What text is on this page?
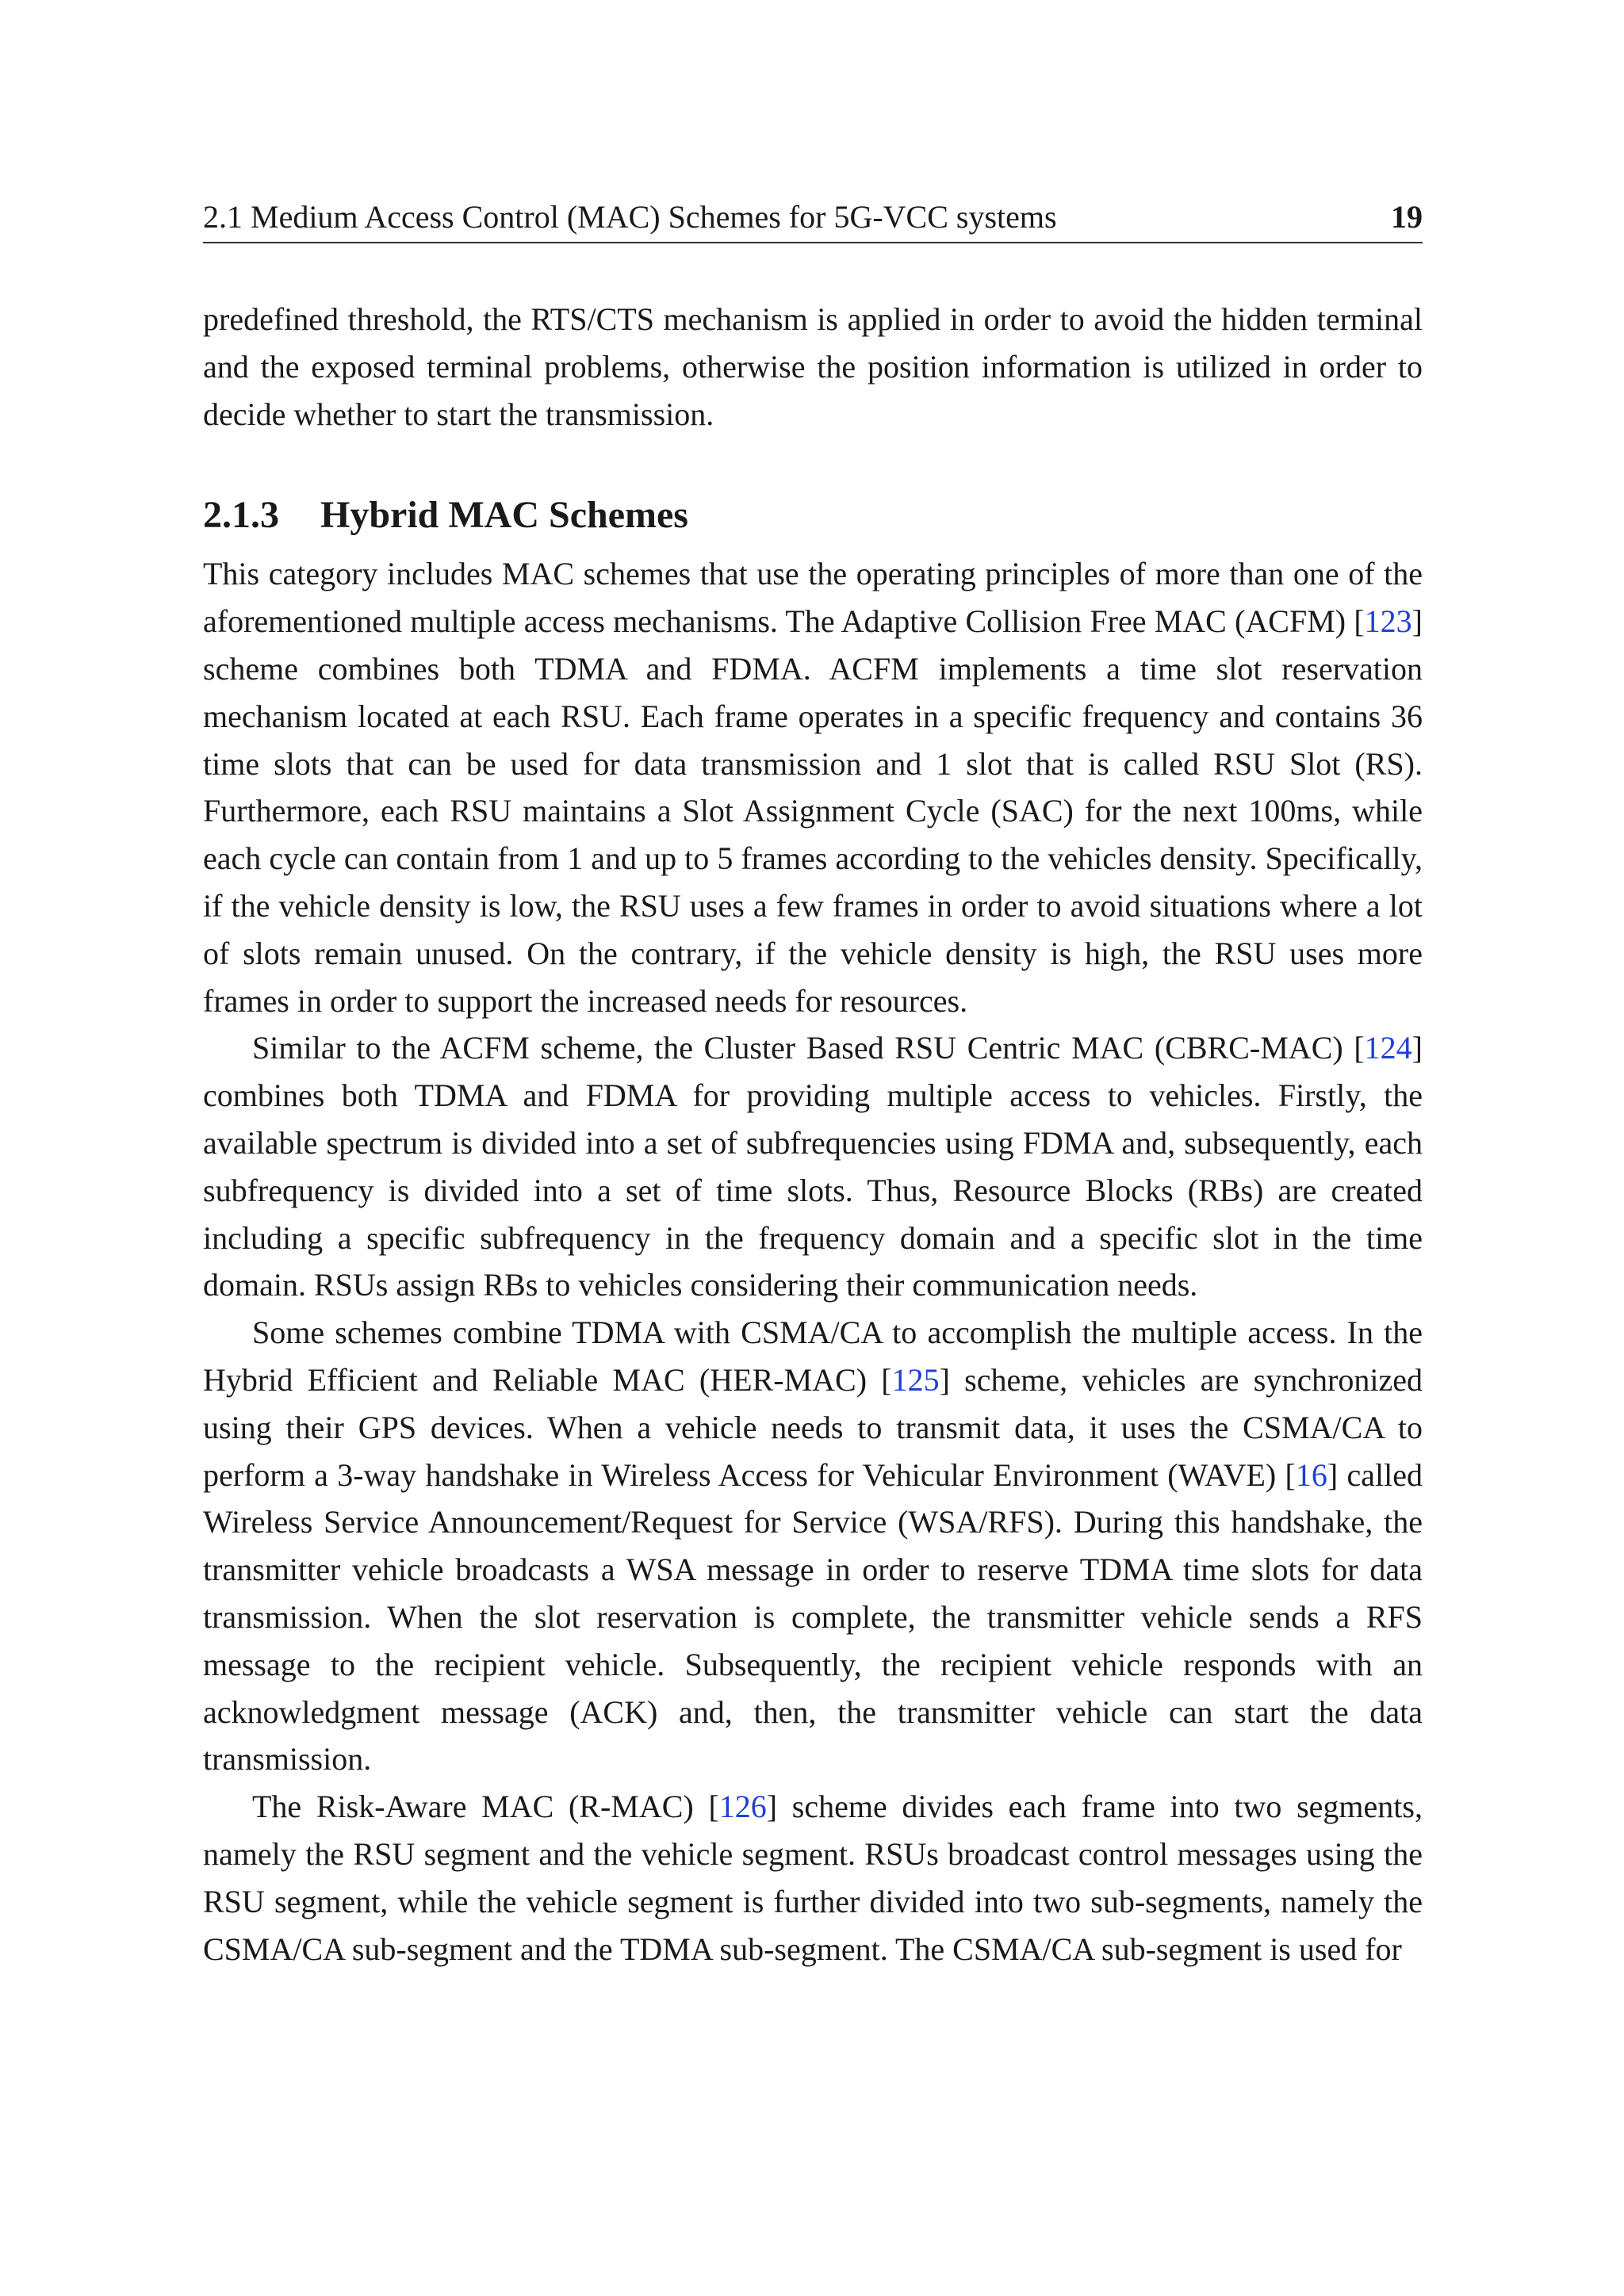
2.1 Medium Access Control (MAC) Schemes for 5G-VCC systems	19

predefined threshold, the RTS/CTS mechanism is applied in order to avoid the hidden terminal and the exposed terminal problems, otherwise the position information is utilized in order to decide whether to start the transmission.

2.1.3	Hybrid MAC Schemes

This category includes MAC schemes that use the operating principles of more than one of the aforementioned multiple access mechanisms. The Adaptive Collision Free MAC (ACFM) [123] scheme combines both TDMA and FDMA. ACFM implements a time slot reservation mechanism located at each RSU. Each frame operates in a specific frequency and contains 36 time slots that can be used for data transmission and 1 slot that is called RSU Slot (RS). Furthermore, each RSU maintains a Slot Assignment Cycle (SAC) for the next 100ms, while each cycle can contain from 1 and up to 5 frames according to the vehicles density. Specifically, if the vehicle density is low, the RSU uses a few frames in order to avoid situations where a lot of slots remain unused. On the contrary, if the vehicle density is high, the RSU uses more frames in order to support the increased needs for resources.

Similar to the ACFM scheme, the Cluster Based RSU Centric MAC (CBRC-MAC) [124] combines both TDMA and FDMA for providing multiple access to vehicles. Firstly, the available spectrum is divided into a set of subfrequencies using FDMA and, subsequently, each subfrequency is divided into a set of time slots. Thus, Resource Blocks (RBs) are created including a specific subfrequency in the frequency domain and a specific slot in the time domain. RSUs assign RBs to vehicles considering their communication needs.

Some schemes combine TDMA with CSMA/CA to accomplish the multiple access. In the Hybrid Efficient and Reliable MAC (HER-MAC) [125] scheme, vehicles are synchronized using their GPS devices. When a vehicle needs to transmit data, it uses the CSMA/CA to perform a 3-way handshake in Wireless Access for Vehicular Environment (WAVE) [16] called Wireless Service Announcement/Request for Service (WSA/RFS). During this handshake, the transmitter vehicle broadcasts a WSA message in order to reserve TDMA time slots for data transmission. When the slot reservation is complete, the transmitter vehicle sends a RFS message to the recipient vehicle. Subsequently, the recipient vehicle responds with an acknowledgment message (ACK) and, then, the transmitter vehicle can start the data transmission.

The Risk-Aware MAC (R-MAC) [126] scheme divides each frame into two segments, namely the RSU segment and the vehicle segment. RSUs broadcast control messages using the RSU segment, while the vehicle segment is further divided into two sub-segments, namely the CSMA/CA sub-segment and the TDMA sub-segment. The CSMA/CA sub-segment is used for
